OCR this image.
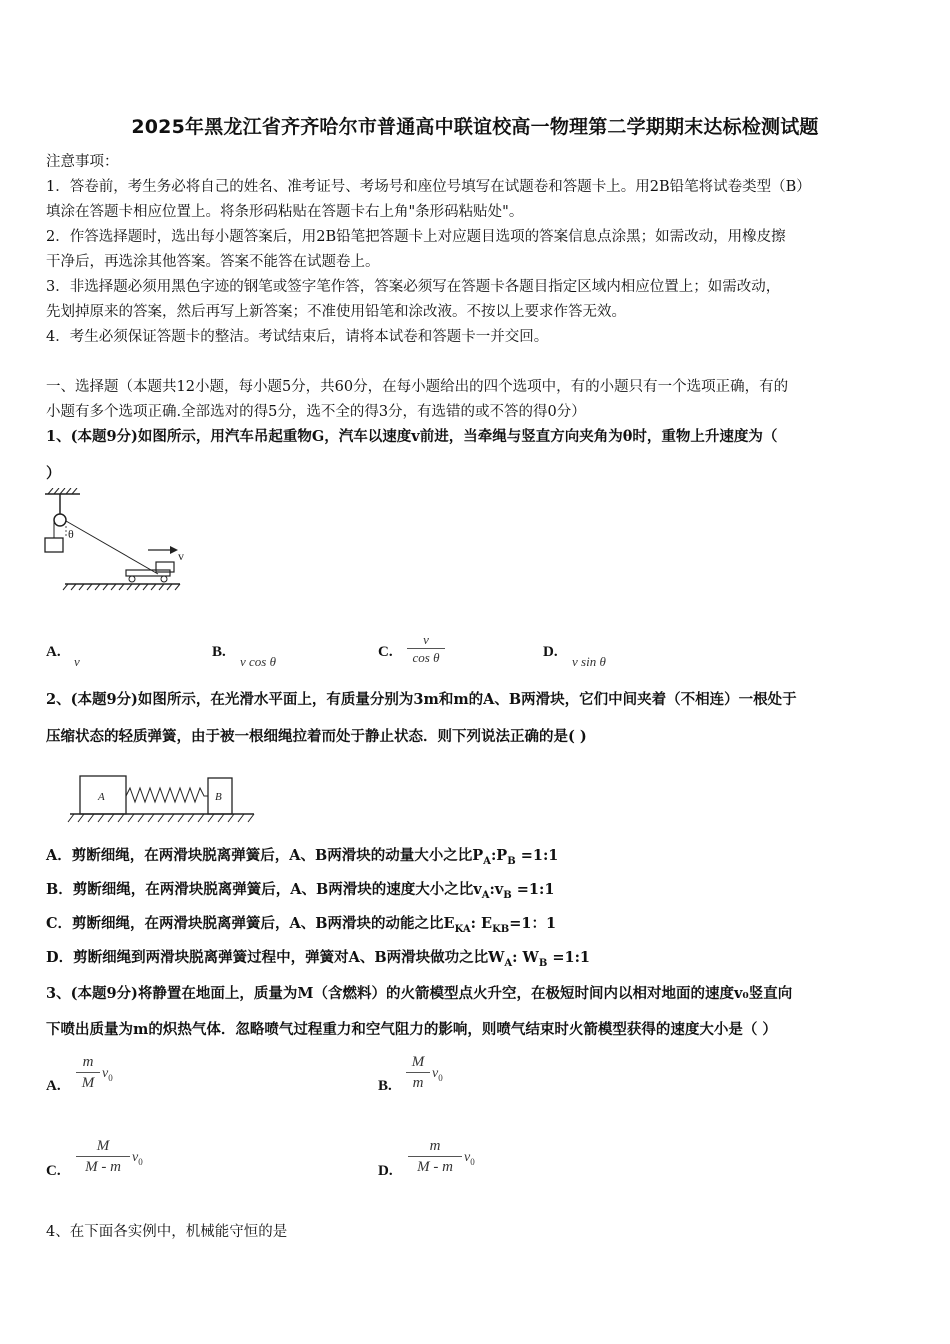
2025年黑龙江省齐齐哈尔市普通高中联谊校高一物理第二学期期末达标检测试题
注意事项：
1．答卷前，考生务必将自己的姓名、准考证号、考场号和座位号填写在试题卷和答题卡上。用2B铅笔将试卷类型（B）
填涂在答题卡相应位置上。将条形码粘贴在答题卡右上角"条形码粘贴处"。
2．作答选择题时，选出每小题答案后，用2B铅笔把答题卡上对应题目选项的答案信息点涂黑；如需改动，用橡皮擦
干净后，再选涂其他答案。答案不能答在试题卷上。
3．非选择题必须用黑色字迹的钢笔或签字笔作答，答案必须写在答题卡各题目指定区域内相应位置上；如需改动，
先划掉原来的答案，然后再写上新答案；不准使用铅笔和涂改液。不按以上要求作答无效。
4．考生必须保证答题卡的整洁。考试结束后，请将本试卷和答题卡一并交回。
一、选择题（本题共12小题，每小题5分，共60分，在每小题给出的四个选项中，有的小题只有一个选项正确，有的
小题有多个选项正确.全部选对的得5分，选不全的得3分，有选错的或不答的得0分）
1、(本题9分)如图所示，用汽车吊起重物G，汽车以速度v前进，当牵绳与竖直方向夹角为θ时，重物上升速度为（
）
θ
v
A.
v
B.
v cos θ
C.
v
cos θ	D.
v sin θ
2、(本题9分)如图所示，在光滑水平面上，有质量分别为3m和m的A、B两滑块，它们中间夹着（不相连）一根处于
压缩状态的轻质弹簧，由于被一根细绳拉着而处于静止状态．则下列说法正确的是( )
A	B
A．剪断细绳，在两滑块脱离弹簧后，A、B两滑块的动量大小之比$P_A:P_B$ =1:1
B．剪断细绳，在两滑块脱离弹簧后，A、B两滑块的速度大小之比$v_A:v_B$ =1:1
C．剪断细绳，在两滑块脱离弹簧后，A、B两滑块的动能之比$E_{KA}$: $E_{KB}=1$：1
D．剪断细绳到两滑块脱离弹簧过程中，弹簧对A、B两滑块做功之比$W_A$: $W_B$ =1:1
3、(本题9分)将静置在地面上，质量为M（含燃料）的火箭模型点火升空，在极短时间内以相对地面的速度v₀竖直向
下喷出质量为m的炽热气体．忽略喷气过程重力和空气阻力的影响，则喷气结束时火箭模型获得的速度大小是（ ）
A.
m
M
$v_0$
B.
M
m
$v_0$
C.
M
M - m
$v_0$
D.
m
M - m
$v_0$
4、在下面各实例中，机械能守恒的是
